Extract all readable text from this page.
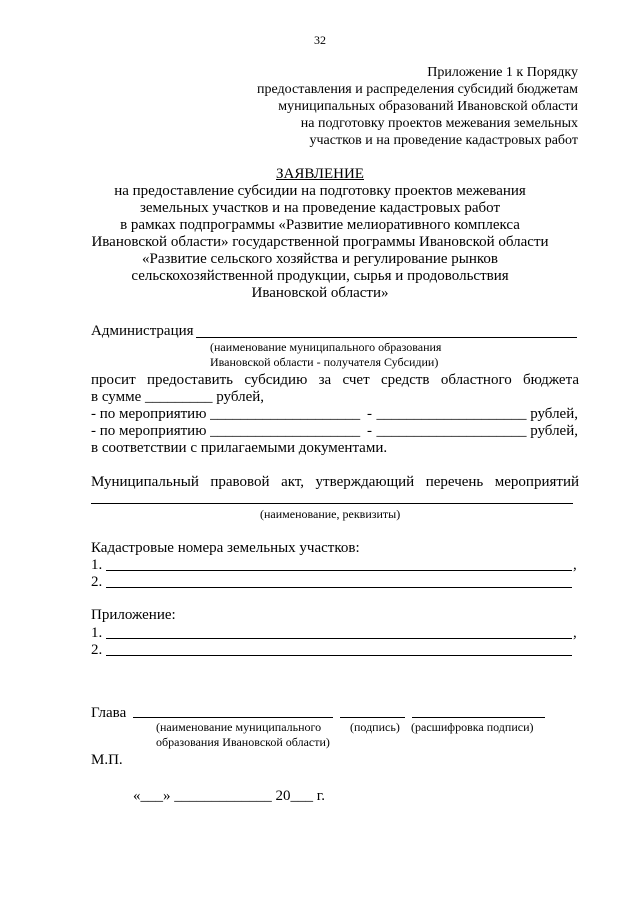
32
Приложение 1 к Порядку
предоставления и распределения субсидий бюджетам
муниципальных образований Ивановской области
на подготовку проектов межевания земельных
участков и на проведение кадастровых работ
ЗАЯВЛЕНИЕ
на предоставление субсидии на подготовку проектов межевания
земельных участков и на проведение кадастровых работ
в рамках подпрограммы «Развитие мелиоративного комплекса
Ивановской области» государственной программы Ивановской области
«Развитие сельского хозяйства и регулирование рынков
сельскохозяйственной продукции, сырья и продовольствия
Ивановской области»
Администрация
(наименование муниципального образования
Ивановской области - получателя Субсидии)
просит предоставить субсидию за счет средств областного бюджета
в сумме _________ рублей,
- по мероприятию ____________________ - ____________________ рублей,
- по мероприятию ____________________ - ____________________ рублей,
в соответствии с прилагаемыми документами.
Муниципальный правовой акт, утверждающий перечень мероприятий
(наименование, реквизиты)
Кадастровые номера земельных участков:
1.	,
2.
Приложение:
1.	,
2.
Глава
(наименование муниципального (подпись) (расшифровка подписи)
образования Ивановской области)
М.П.
«___» _____________ 20___ г.
